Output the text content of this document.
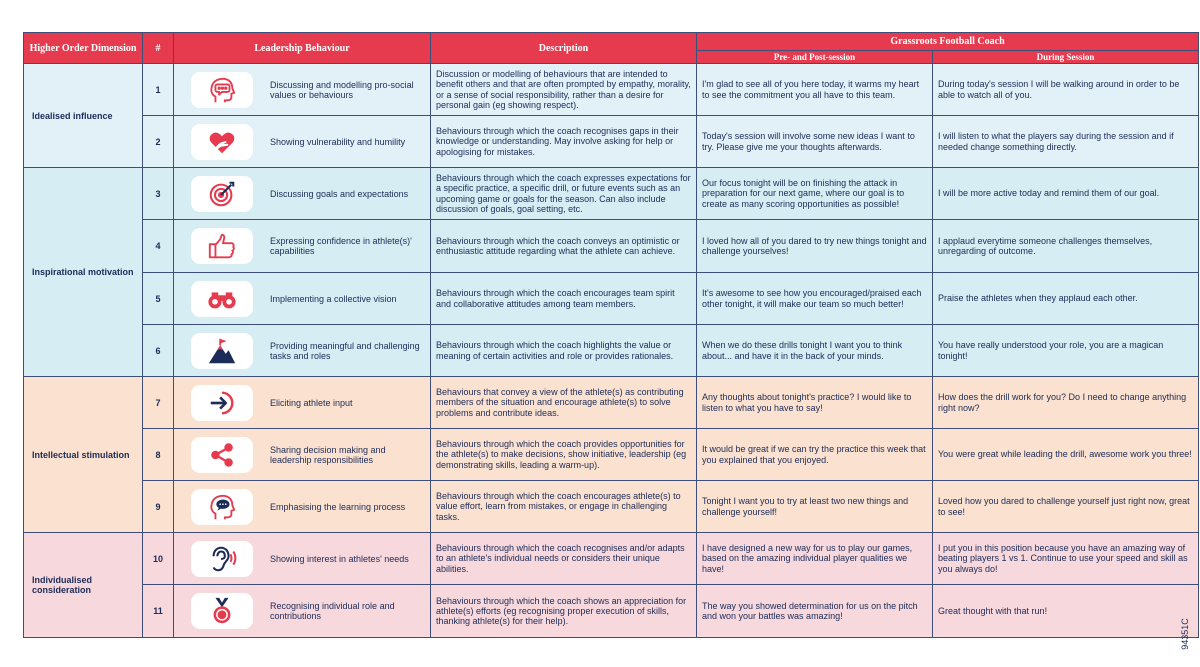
Higher Order Dimension	#	Leadership Behaviour	Description	Grassroots Football Coach	
				Pre- and Post-session	During Session
Idealised influence	1	Discussing and modelling pro-social values or behaviours	Discussion or modelling of behaviours that are intended to benefit others and that are often prompted by empathy, morality, or a sense of social responsibility, rather than a desire for personal gain (eg showing respect).	I'm glad to see all of you here today, it warms my heart to see the commitment you all have to this team.	During today's session I will be walking around in order to be able to watch all of you.
	2	Showing vulnerability and humility	Behaviours through which the coach recognises gaps in their knowledge or understanding. May involve asking for help or apologising for mistakes.	Today's session will involve some new ideas I want to try. Please give me your thoughts afterwards.	I will listen to what the players say during the session and if needed change something directly.
Inspirational motivation	3	Discussing goals and expectations	Behaviours through which the coach expresses expectations for a specific practice, a specific drill, or future events such as an upcoming game or goals for the season. Can also include discussion of goals, goal setting, etc.	Our focus tonight will be on finishing the attack in preparation for our next game, where our goal is to create as many scoring opportunities as possible!	I will be more active today and remind them of our goal.
	4	Expressing confidence in athlete(s)' capabilities	Behaviours through which the coach conveys an optimistic or enthusiastic attitude regarding what the athlete can achieve.	I loved how all of you dared to try new things tonight and challenge yourselves!	I applaud everytime someone challenges themselves, unregarding of outcome.
	5	Implementing a collective vision	Behaviours through which the coach encourages team spirit and collaborative attitudes among team members.	It's awesome to see how you encouraged/praised each other tonight, it will make our team so much better!	Praise the athletes when they applaud each other.
	6	Providing meaningful and challenging tasks and roles	Behaviours through which the coach highlights the value or meaning of certain activities and role or provides rationales.	When we do these drills tonight I want you to think about... and have it in the back of your minds.	You have really understood your role, you are a magican tonight!
Intellectual stimulation	7	Eliciting athlete input	Behaviours that convey a view of the athlete(s) as contributing members of the situation and encourage athlete(s) to solve problems and contribute ideas.	Any thoughts about tonight's practice? I would like to listen to what you have to say!	How does the drill work for you? Do I need to change anything right now?
	8	Sharing decision making and leadership responsibilities	Behaviours through which the coach provides opportunities for the athlete(s) to make decisions, show initiative, leadership (eg demonstrating skills, leading a warm-up).	It would be great if we can try the practice this week that you explained that you enjoyed.	You were great while leading the drill, awesome work you three!
	9	Emphasising the learning process	Behaviours through which the coach encourages athlete(s) to value effort, learn from mistakes, or engage in challenging tasks.	Tonight I want you to try at least two new things and challenge yourself!	Loved how you dared to challenge yourself just right now, great to see!
Individualised consideration	10	Showing interest in athletes' needs	Behaviours through which the coach recognises and/or adapts to an athlete's individual needs or considers their unique abilities.	I have designed a new way for us to play our games, based on the amazing individual player qualities we have!	I put you in this position because you have an amazing way of beating players 1 vs 1. Continue to use your speed and skill as you always do!
	11	Recognising individual role and contributions	Behaviours through which the coach shows an appreciation for athlete(s) efforts (eg recognising proper execution of skills, thanking athlete(s) for their help).	The way you showed determination for us on the pitch and won your battles was amazing!	Great thought with that run!
94351C
